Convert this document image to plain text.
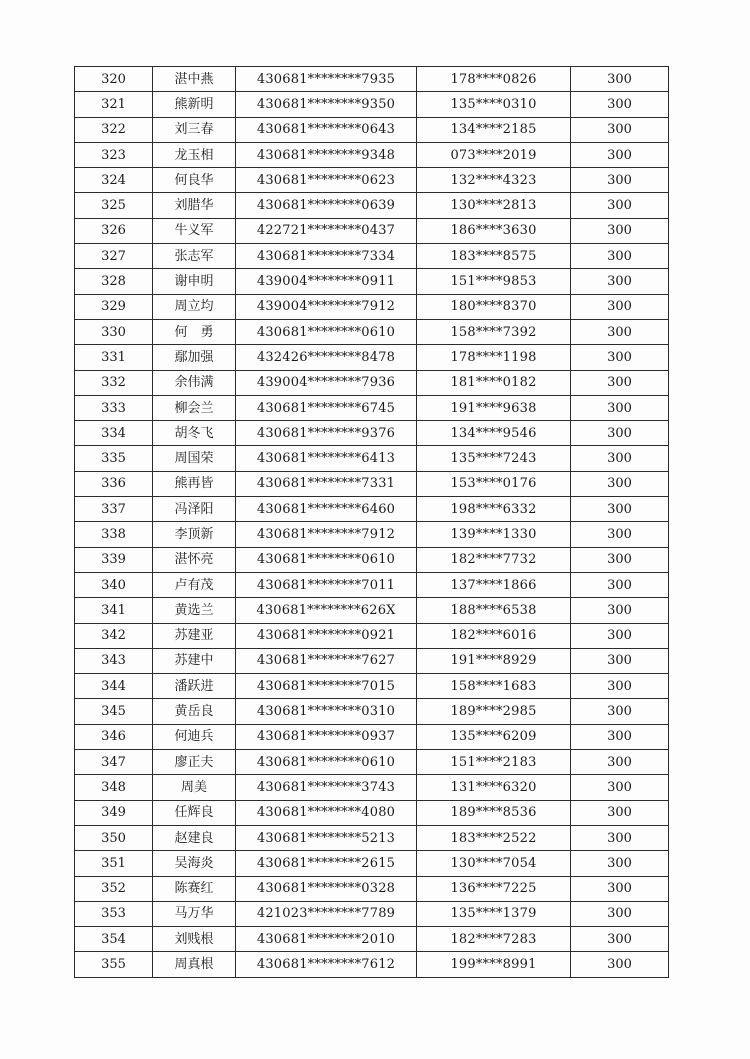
320	湛中燕	430681********7935	178****0826	300
321	熊新明	430681********9350	135****0310	300
322	刘三春	430681********0643	134****2185	300
323	龙玉相	430681********9348	073****2019	300
324	何良华	430681********0623	132****4323	300
325	刘腊华	430681********0639	130****2813	300
326	牛义军	422721********0437	186****3630	300
327	张志军	430681********7334	183****8575	300
328	谢申明	439004********0911	151****9853	300
329	周立均	439004********7912	180****8370	300
330	何　勇	430681********0610	158****7392	300
331	鄢加强	432426********8478	178****1198	300
332	余伟满	439004********7936	181****0182	300
333	柳会兰	430681********6745	191****9638	300
334	胡冬飞	430681********9376	134****9546	300
335	周国荣	430681********6413	135****7243	300
336	熊再皆	430681********7331	153****0176	300
337	冯泽阳	430681********6460	198****6332	300
338	李顶新	430681********7912	139****1330	300
339	湛怀亮	430681********0610	182****7732	300
340	卢有茂	430681********7011	137****1866	300
341	黄选兰	430681********626X	188****6538	300
342	苏建亚	430681********0921	182****6016	300
343	苏建中	430681********7627	191****8929	300
344	潘跃进	430681********7015	158****1683	300
345	黄岳良	430681********0310	189****2985	300
346	何迪兵	430681********0937	135****6209	300
347	廖正夫	430681********0610	151****2183	300
348	周美	430681********3743	131****6320	300
349	任辉良	430681********4080	189****8536	300
350	赵建良	430681********5213	183****2522	300
351	吴海炎	430681********2615	130****7054	300
352	陈赛红	430681********0328	136****7225	300
353	马万华	421023********7789	135****1379	300
354	刘贱根	430681********2010	182****7283	300
355	周真根	430681********7612	199****8991	300
